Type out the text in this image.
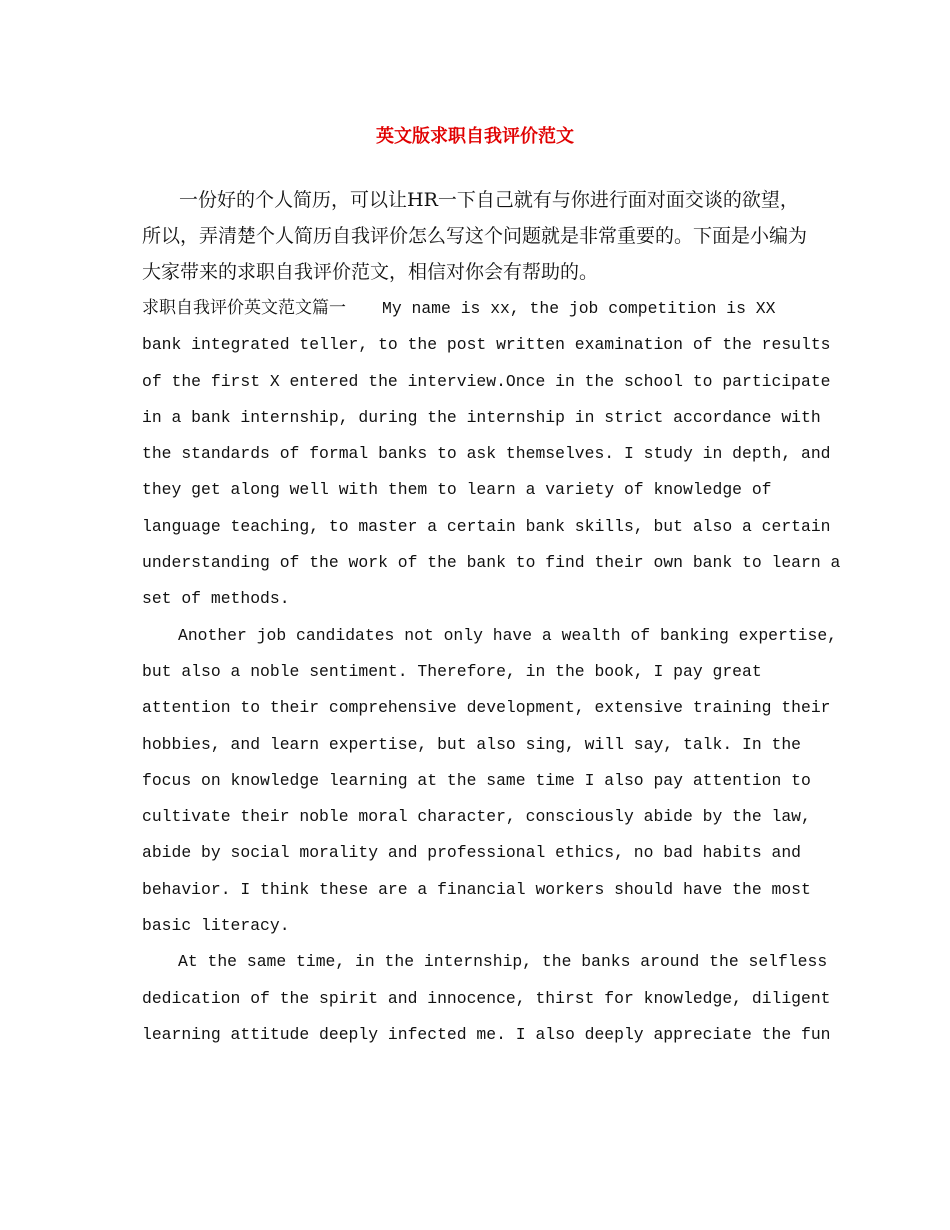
英文版求职自我评价范文

一份好的个人简历，可以让HR一下自己就有与你进行面对面交谈的欲望，所以，弄清楚个人简历自我评价怎么写这个问题就是非常重要的。下面是小编为大家带来的求职自我评价范文，相信对你会有帮助的。

求职自我评价英文范文篇一 My name is xx, the job competition is XX
bank integrated teller, to the post written examination of the results
of the first X entered the interview.Once in the school to participate
in a bank internship, during the internship in strict accordance with
the standards of formal banks to ask themselves. I study in depth, and
they get along well with them to learn a variety of knowledge of
language teaching, to master a certain bank skills, but also a certain
understanding of the work of the bank to find their own bank to learn a
set of methods.

Another job candidates not only have a wealth of banking expertise,
but also a noble sentiment. Therefore, in the book, I pay great
attention to their comprehensive development, extensive training their
hobbies, and learn expertise, but also sing, will say, talk. In the
focus on knowledge learning at the same time I also pay attention to
cultivate their noble moral character, consciously abide by the law,
abide by social morality and professional ethics, no bad habits and
behavior. I think these are a financial workers should have the most
basic literacy.

At the same time, in the internship, the banks around the selfless
dedication of the spirit and innocence, thirst for knowledge, diligent
learning attitude deeply infected me. I also deeply appreciate the fun
